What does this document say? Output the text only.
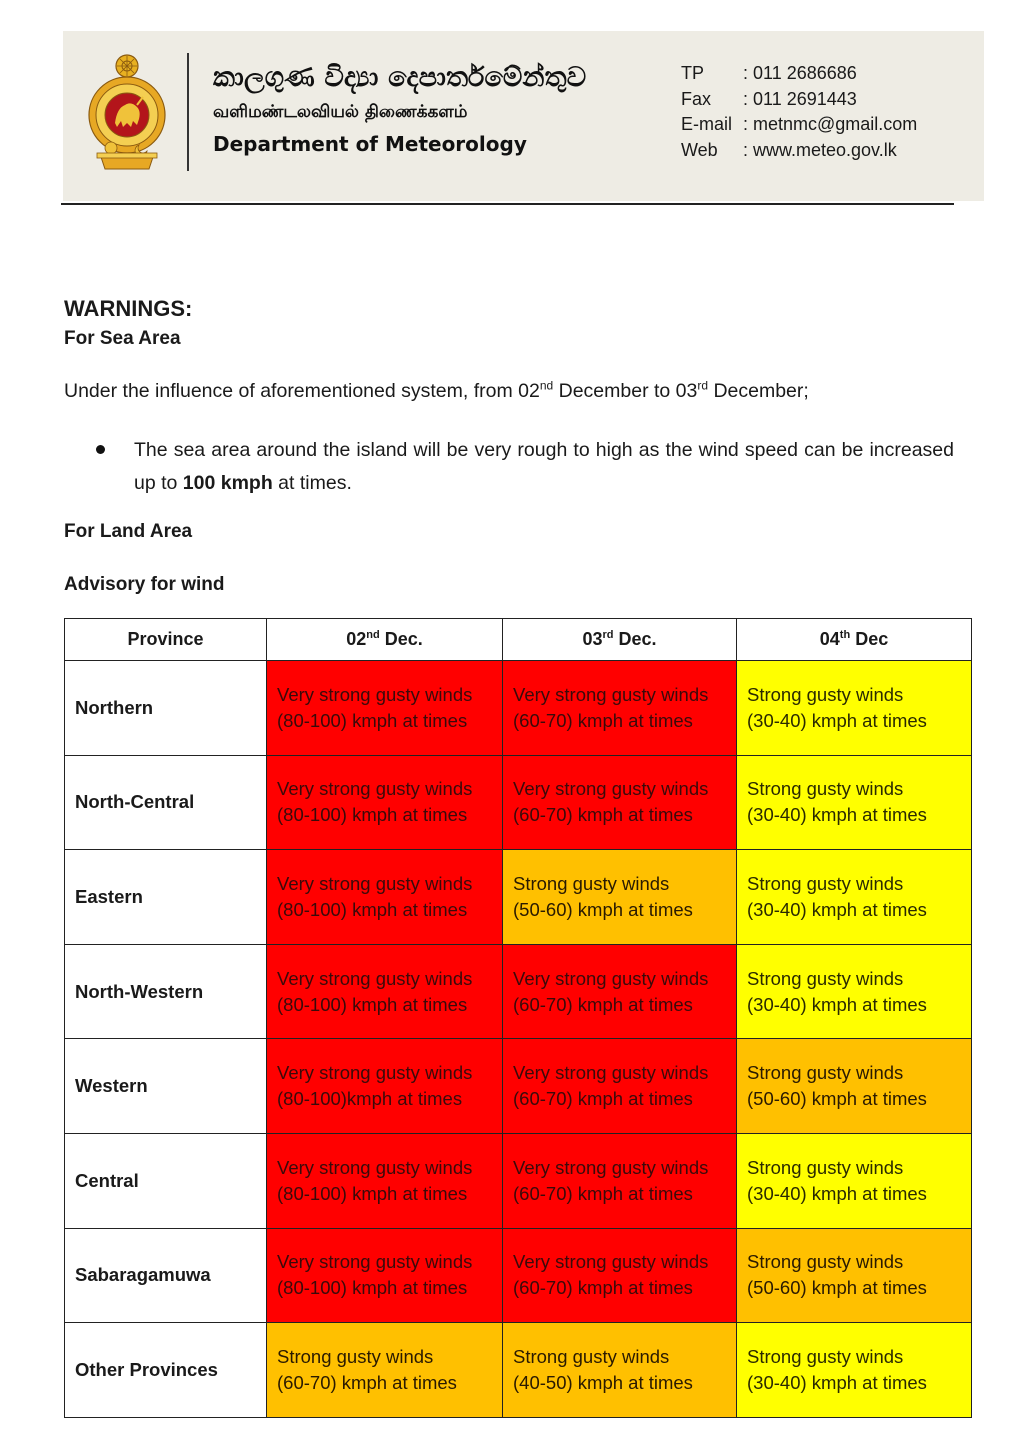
කාලගුණ විද්‍යා දෙපාර්තමේන්තුව
வளிமண்டலவியல் திணைக்களம்
Department of Meteorology
TP	: 011 2686686
Fax	: 011 2691443
E-mail : metnmc@gmail.com
Web	: www.meteo.gov.lk
WARNINGS:
For Sea Area
Under the influence of aforementioned system, from 02nd December to 03rd December;
The sea area around the island will be very rough to high as the wind speed can be increased up to 100 kmph at times.
For Land Area
Advisory for wind
Province	02nd Dec.	03rd Dec.	04th Dec
Northern	Very strong gusty winds
(80-100) kmph at times	Very strong gusty winds
(60-70) kmph at times	Strong gusty winds
(30-40) kmph at times

North-Central	Very strong gusty winds
(80-100) kmph at times	Very strong gusty winds
(60-70) kmph at times	Strong gusty winds
(30-40) kmph at times

Eastern	Very strong gusty winds
(80-100) kmph at times	Strong gusty winds
(50-60) kmph at times	Strong gusty winds
(30-40) kmph at times

North-Western	Very strong gusty winds
(80-100) kmph at times	Very strong gusty winds
(60-70) kmph at times	Strong gusty winds
(30-40) kmph at times

Western	Very strong gusty winds
(80-100)kmph at times	Very strong gusty winds
(60-70) kmph at times	Strong gusty winds
(50-60) kmph at times

Central	Very strong gusty winds
(80-100) kmph at times	Very strong gusty winds
(60-70) kmph at times	Strong gusty winds
(30-40) kmph at times

Sabaragamuwa	Very strong gusty winds
(80-100) kmph at times	Very strong gusty winds
(60-70) kmph at times	Strong gusty winds
(50-60) kmph at times

Other Provinces	Strong gusty winds
(60-70) kmph at times	Strong gusty winds
(40-50) kmph at times	Strong gusty winds
(30-40) kmph at times
